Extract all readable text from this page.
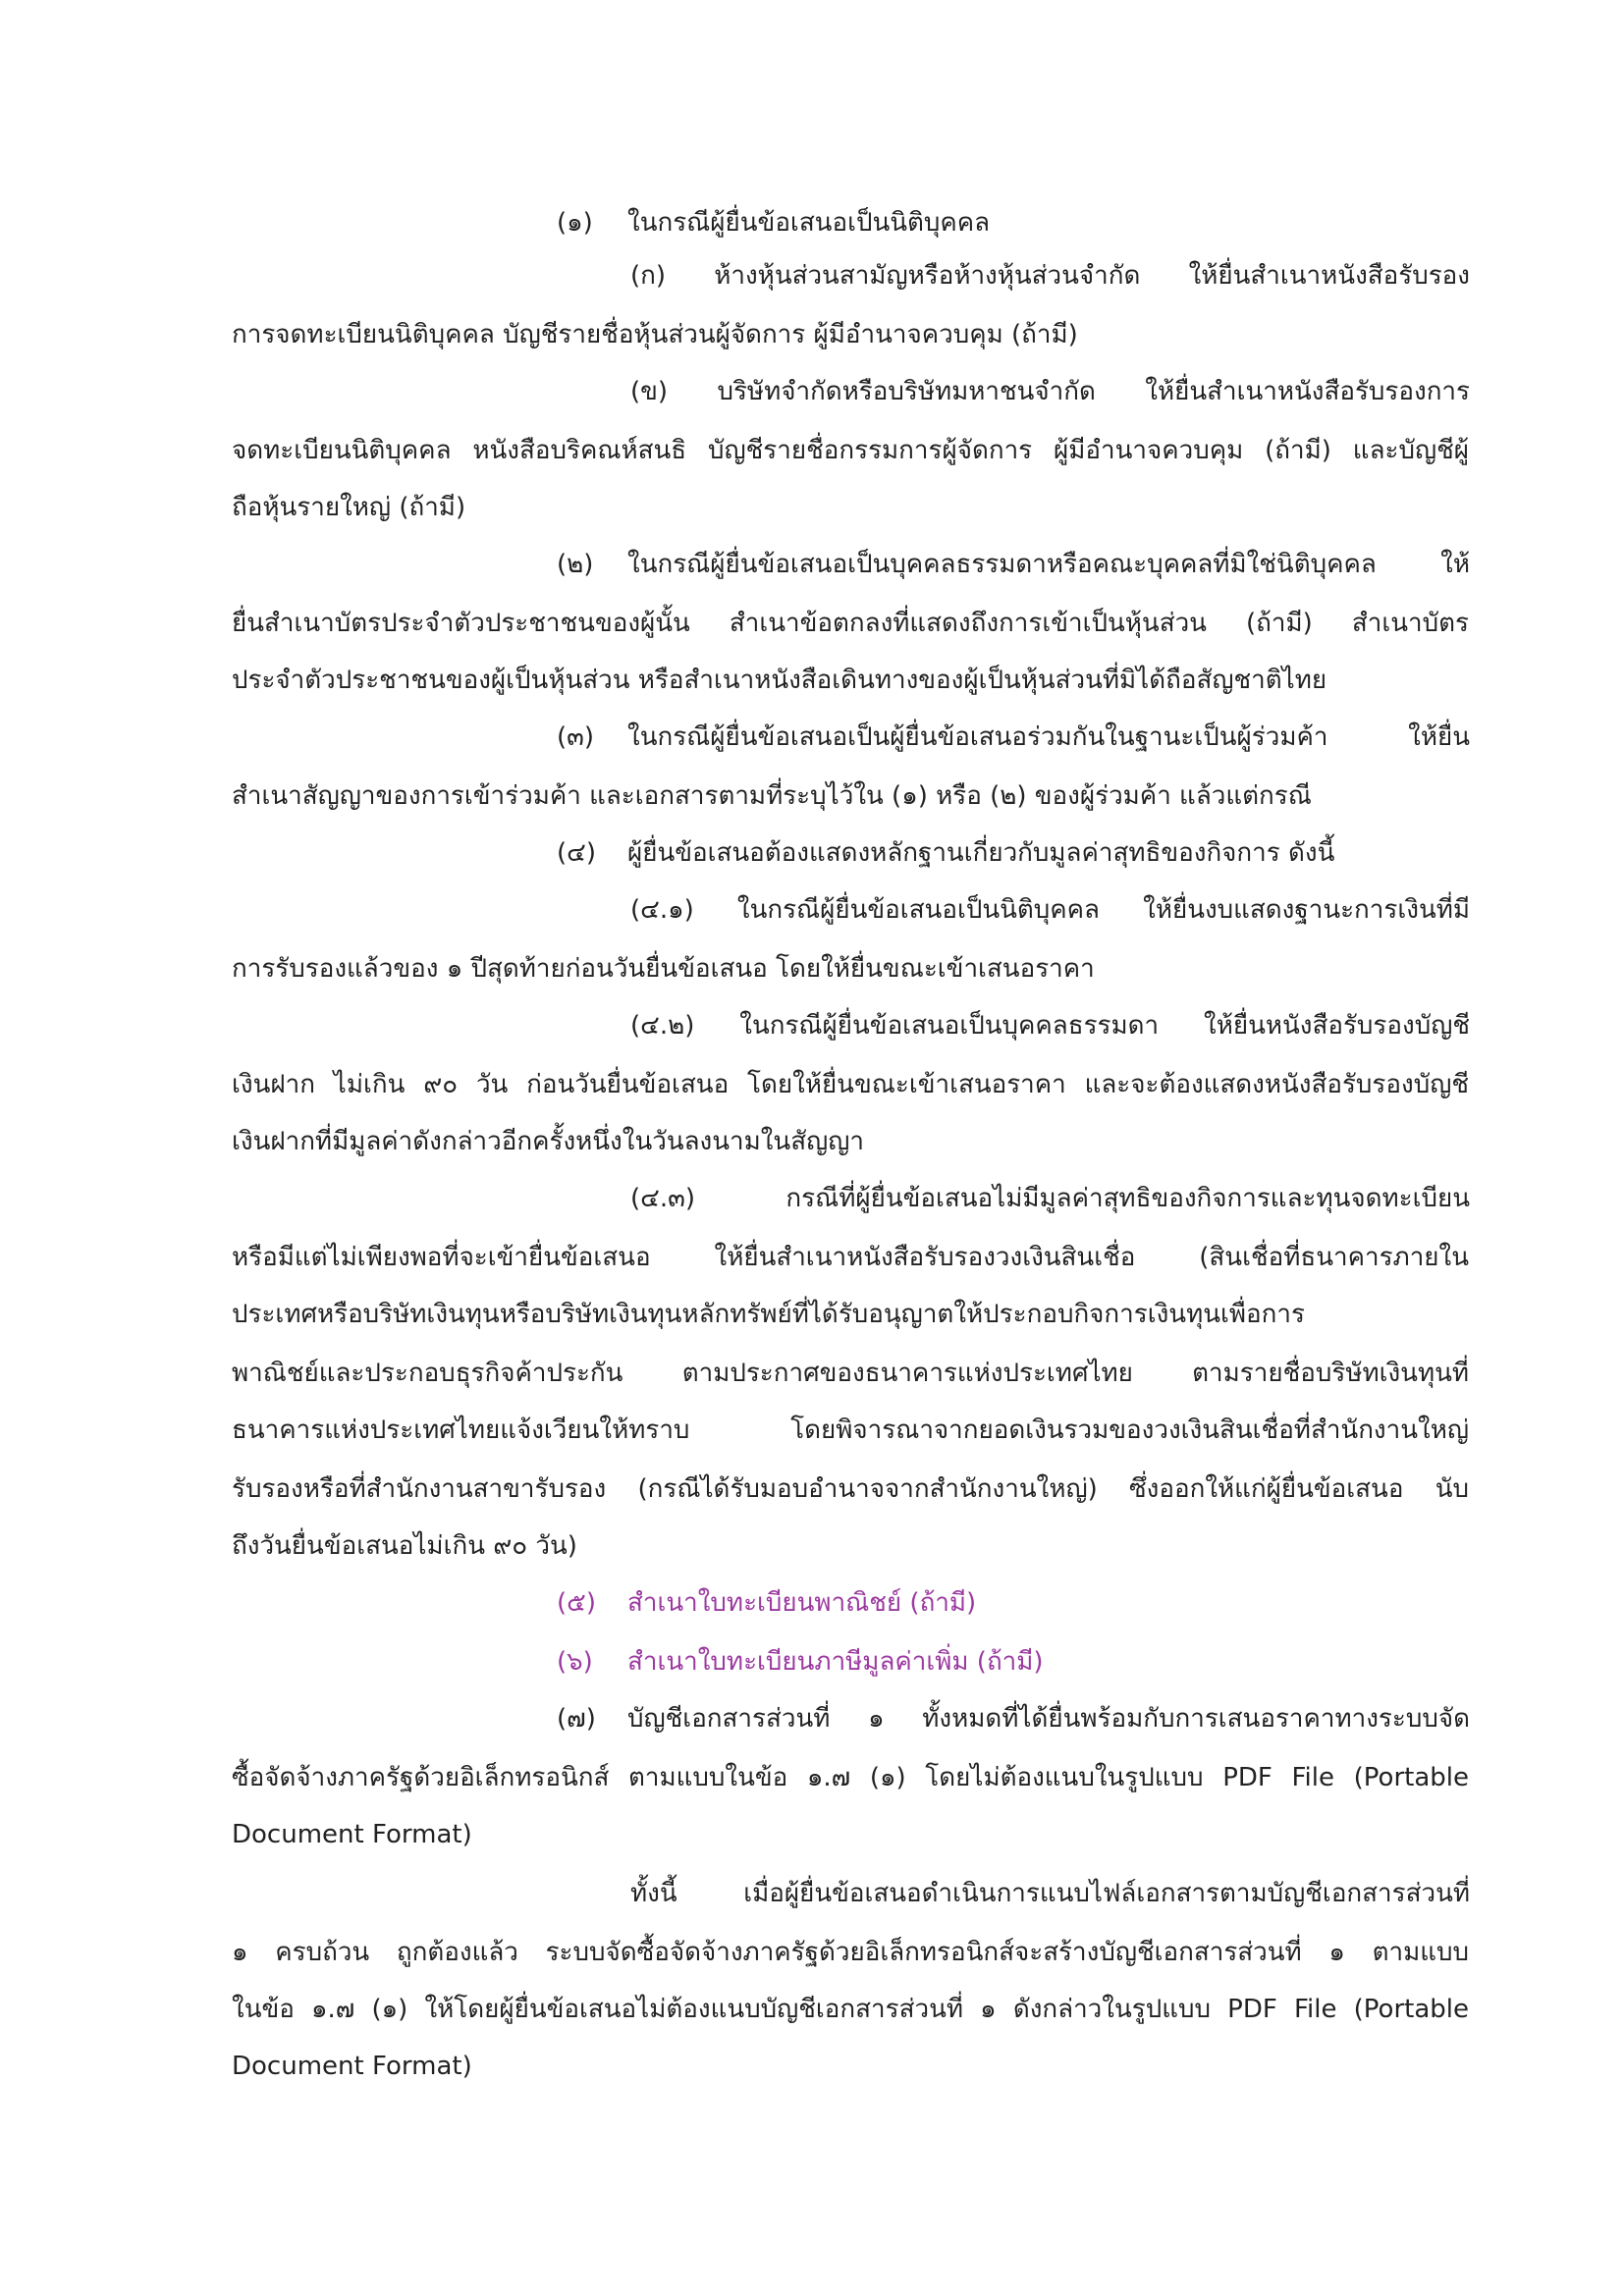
(๑) ในกรณีผู้ยื่นข้อเสนอเป็นนิติบุคคล
(ก) ห้างหุ้นส่วนสามัญหรือห้างหุ้นส่วนจำกัด ให้ยื่นสำเนาหนังสือรับรอง
การจดทะเบียนนิติบุคคล บัญชีรายชื่อหุ้นส่วนผู้จัดการ ผู้มีอำนาจควบคุม (ถ้ามี)
(ข) บริษัทจำกัดหรือบริษัทมหาชนจำกัด ให้ยื่นสำเนาหนังสือรับรองการ
จดทะเบียนนิติบุคคล หนังสือบริคณห์สนธิ บัญชีรายชื่อกรรมการผู้จัดการ ผู้มีอำนาจควบคุม (ถ้ามี) และบัญชีผู้
ถือหุ้นรายใหญ่ (ถ้ามี)
(๒) ในกรณีผู้ยื่นข้อเสนอเป็นบุคคลธรรมดาหรือคณะบุคคลที่มิใช่นิติบุคคล ให้
ยื่นสำเนาบัตรประจำตัวประชาชนของผู้นั้น สำเนาข้อตกลงที่แสดงถึงการเข้าเป็นหุ้นส่วน (ถ้ามี) สำเนาบัตร
ประจำตัวประชาชนของผู้เป็นหุ้นส่วน หรือสำเนาหนังสือเดินทางของผู้เป็นหุ้นส่วนที่มิได้ถือสัญชาติไทย
(๓) ในกรณีผู้ยื่นข้อเสนอเป็นผู้ยื่นข้อเสนอร่วมกันในฐานะเป็นผู้ร่วมค้า ให้ยื่น
สำเนาสัญญาของการเข้าร่วมค้า และเอกสารตามที่ระบุไว้ใน (๑) หรือ (๒) ของผู้ร่วมค้า แล้วแต่กรณี
(๔) ผู้ยื่นข้อเสนอต้องแสดงหลักฐานเกี่ยวกับมูลค่าสุทธิของกิจการ ดังนี้
(๔.๑) ในกรณีผู้ยื่นข้อเสนอเป็นนิติบุคคล ให้ยื่นงบแสดงฐานะการเงินที่มี
การรับรองแล้วของ ๑ ปีสุดท้ายก่อนวันยื่นข้อเสนอ โดยให้ยื่นขณะเข้าเสนอราคา
(๔.๒) ในกรณีผู้ยื่นข้อเสนอเป็นบุคคลธรรมดา ให้ยื่นหนังสือรับรองบัญชี
เงินฝาก ไม่เกิน ๙๐ วัน ก่อนวันยื่นข้อเสนอ โดยให้ยื่นขณะเข้าเสนอราคา และจะต้องแสดงหนังสือรับรองบัญชี
เงินฝากที่มีมูลค่าดังกล่าวอีกครั้งหนึ่งในวันลงนามในสัญญา
(๔.๓) กรณีที่ผู้ยื่นข้อเสนอไม่มีมูลค่าสุทธิของกิจการและทุนจดทะเบียน
หรือมีแต่ไม่เพียงพอที่จะเข้ายื่นข้อเสนอ ให้ยื่นสำเนาหนังสือรับรองวงเงินสินเชื่อ (สินเชื่อที่ธนาคารภายใน
ประเทศหรือบริษัทเงินทุนหรือบริษัทเงินทุนหลักทรัพย์ที่ได้รับอนุญาตให้ประกอบกิจการเงินทุนเพื่อการ
พาณิชย์และประกอบธุรกิจค้าประกัน ตามประกาศของธนาคารแห่งประเทศไทย ตามรายชื่อบริษัทเงินทุนที่
ธนาคารแห่งประเทศไทยแจ้งเวียนให้ทราบ โดยพิจารณาจากยอดเงินรวมของวงเงินสินเชื่อที่สำนักงานใหญ่
รับรองหรือที่สำนักงานสาขารับรอง (กรณีได้รับมอบอำนาจจากสำนักงานใหญ่) ซึ่งออกให้แก่ผู้ยื่นข้อเสนอ นับ
ถึงวันยื่นข้อเสนอไม่เกิน ๙๐ วัน)
(๕) สำเนาใบทะเบียนพาณิชย์ (ถ้ามี)
(๖) สำเนาใบทะเบียนภาษีมูลค่าเพิ่ม (ถ้ามี)
(๗) บัญชีเอกสารส่วนที่ ๑ ทั้งหมดที่ได้ยื่นพร้อมกับการเสนอราคาทางระบบจัด
ซื้อจัดจ้างภาครัฐด้วยอิเล็กทรอนิกส์ ตามแบบในข้อ ๑.๗ (๑) โดยไม่ต้องแนบในรูปแบบ PDF File (Portable
Document Format)
ทั้งนี้ เมื่อผู้ยื่นข้อเสนอดำเนินการแนบไฟล์เอกสารตามบัญชีเอกสารส่วนที่
๑ ครบถ้วน ถูกต้องแล้ว ระบบจัดซื้อจัดจ้างภาครัฐด้วยอิเล็กทรอนิกส์จะสร้างบัญชีเอกสารส่วนที่ ๑ ตามแบบ
ในข้อ ๑.๗ (๑) ให้โดยผู้ยื่นข้อเสนอไม่ต้องแนบบัญชีเอกสารส่วนที่ ๑ ดังกล่าวในรูปแบบ PDF File (Portable
Document Format)
